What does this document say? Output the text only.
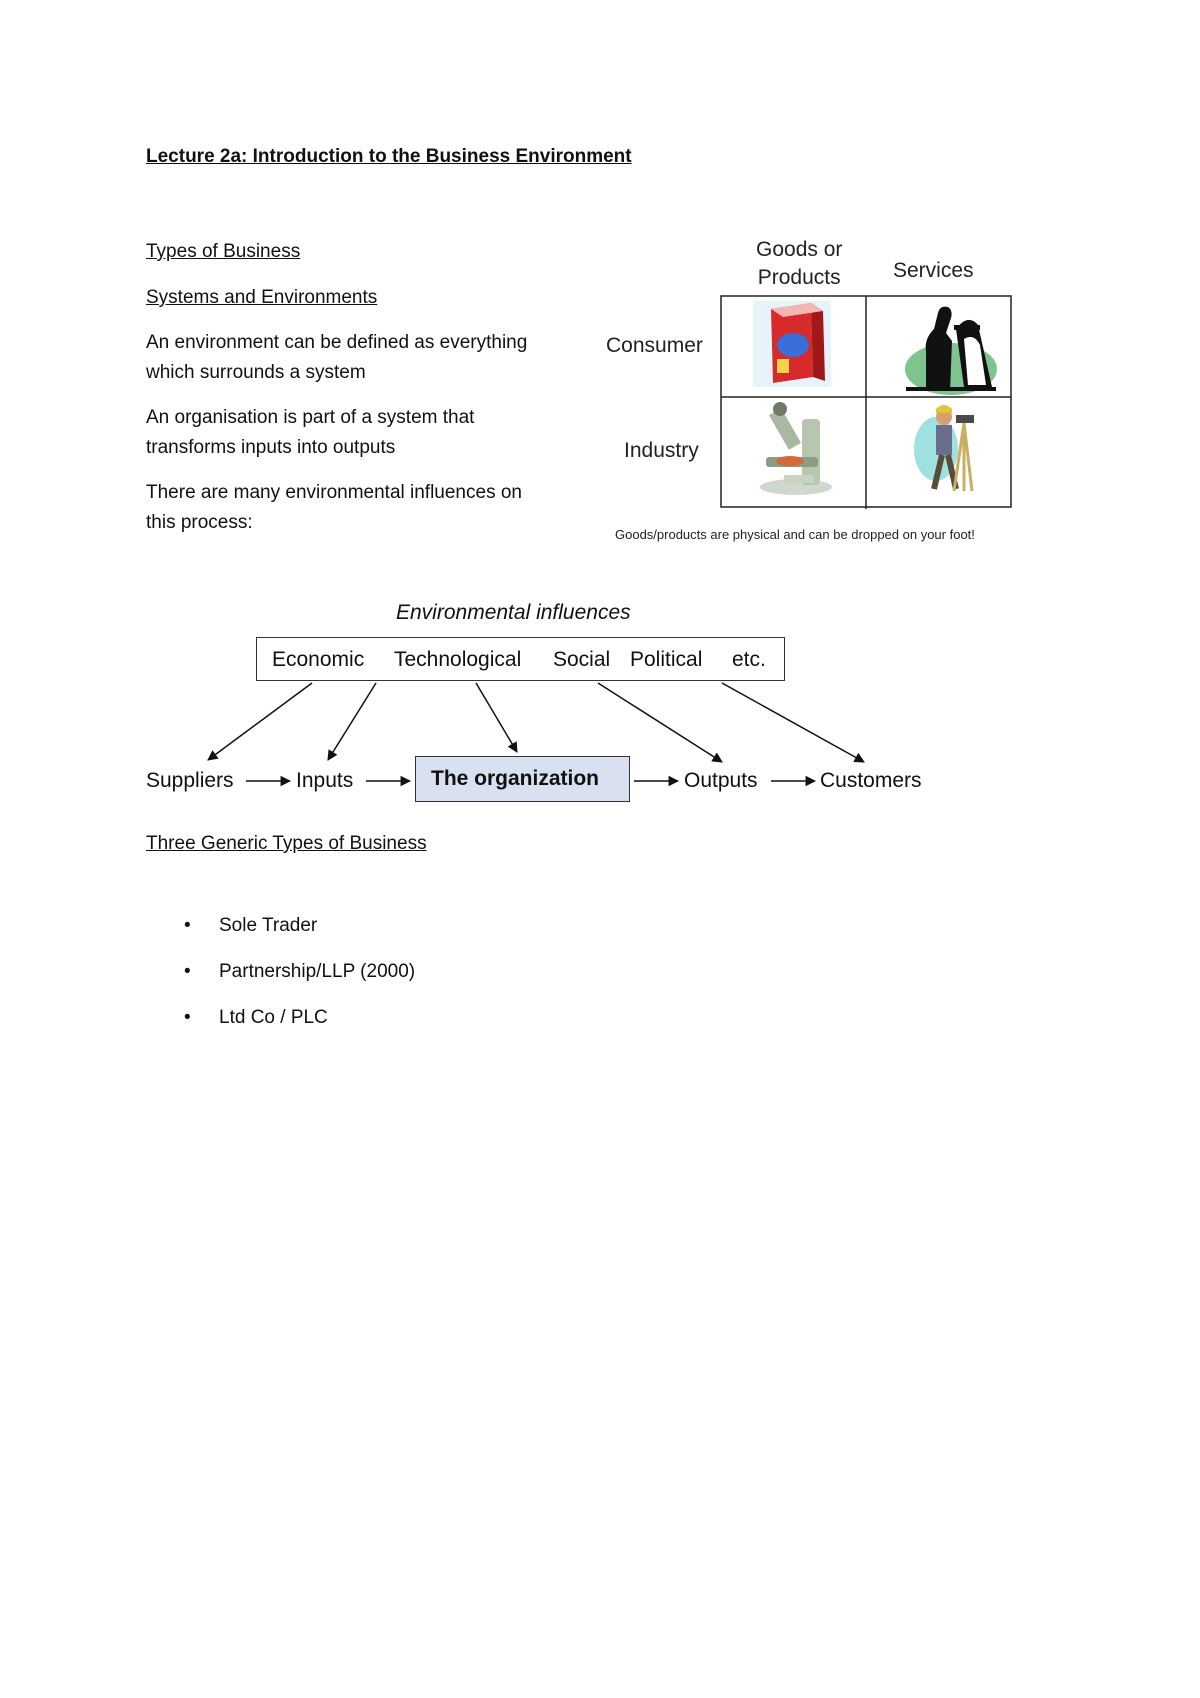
Lecture 2a: Introduction to the Business Environment
Types of Business
Systems and Environments
An environment can be defined as everything
which surrounds a system
An organisation is part of a system that
transforms inputs into outputs
There are many environmental influences on
this process:
Goods or
Products Services
Consumer
Industry
Goods/products are physical and can be dropped on your foot!
Environmental influences
Economic Technological Social Political etc.
Suppliers	Inputs	The organization	Outputs	Customers
Three Generic Types of Business
• Sole Trader
• Partnership/LLP (2000)
• Ltd Co / PLC
